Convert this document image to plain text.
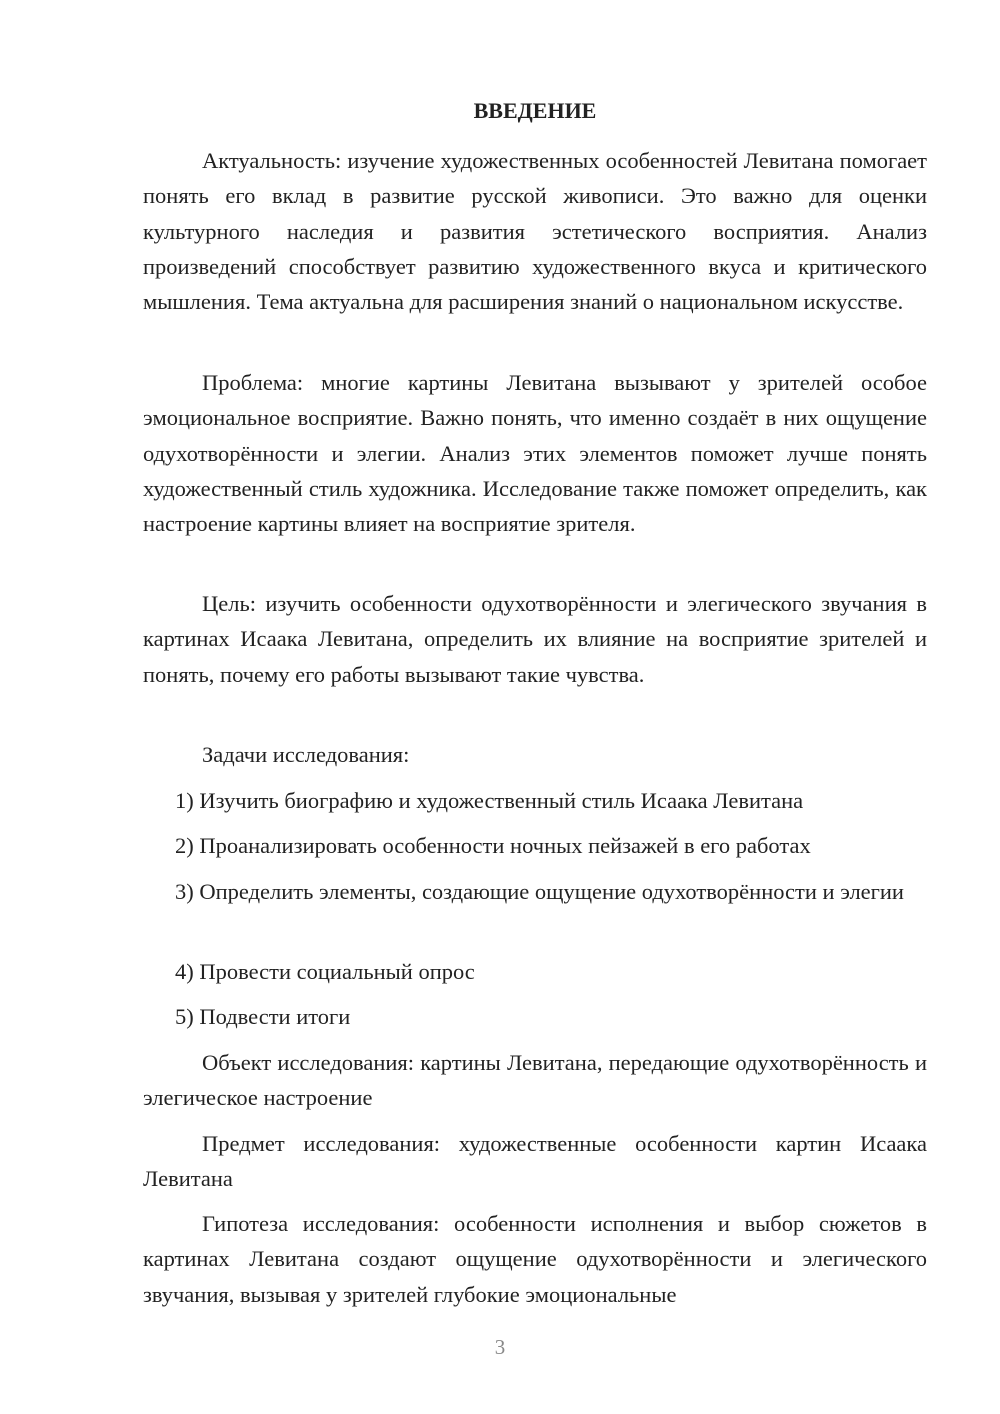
ВВЕДЕНИЕ

Актуальность: изучение художественных особенностей Левитана помогает понять его вклад в развитие русской живописи. Это важно для оценки культурного наследия и развития эстетического восприятия. Анализ произведений способствует развитию художественного вкуса и критического мышления. Тема актуальна для расширения знаний о национальном искусстве.

Проблема: многие картины Левитана вызывают у зрителей особое эмоциональное восприятие. Важно понять, что именно создаёт в них ощущение одухотворённости и элегии. Анализ этих элементов поможет лучше понять художественный стиль художника. Исследование также поможет определить, как настроение картины влияет на восприятие зрителя.

Цель: изучить особенности одухотворённости и элегического звучания в картинах Исаака Левитана, определить их влияние на восприятие зрителей и понять, почему его работы вызывают такие чувства.

Задачи исследования:

1) Изучить биографию и художественный стиль Исаака Левитана

2) Проанализировать особенности ночных пейзажей в его работах

3) Определить элементы, создающие ощущение одухотворённости и элегии

4) Провести социальный опрос

5) Подвести итоги

Объект исследования: картины Левитана, передающие одухотворённость и элегическое настроение

Предмет исследования: художественные особенности картин Исаака Левитана

Гипотеза исследования: особенности исполнения и выбор сюжетов в картинах Левитана создают ощущение одухотворённости и элегического звучания, вызывая у зрителей глубокие эмоциональные

3
